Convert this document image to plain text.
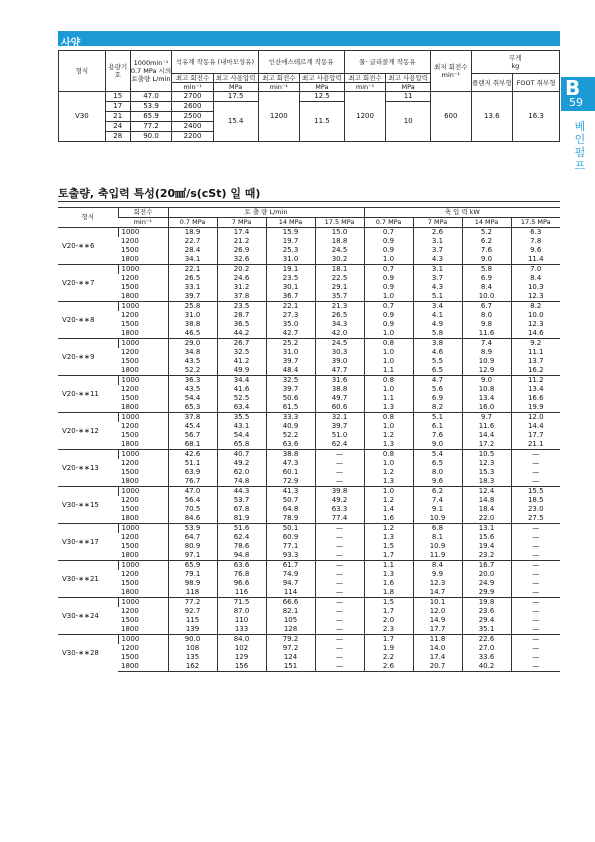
사양
B
59
베인펌프
형식	용량기호	1000min⁻¹ 0.7 MPa 시의 토출량 L/min	석유계 작동유 (내마모성유)		인산에스테르계 작동유		물· 글리콜계 작동유		최저 회전수 min⁻¹	무게
kg	
			최고 회전수	최고 사용압력	최고 회전수	최고 사용압력	최고 회전수	최고 사용압력		플랜지 취부형	FOOT 취부형
			min⁻¹	MPa	min⁻¹	MPa	min⁻¹	MPa			
V30	15	47.0	2700	17.5	1200	12.5	1200	11	600	13.6	16.3
	17	53.9	2600	15.4		11.5		10			
	21	65.9	2500								
	24	77.2	2400								
	28	90.0	2200								
토출량, 축입력 특성(20㎟/s(cSt) 일 때)
형식	회전수	토 출 량 L/min				축 입 력 kW			
	min⁻¹	0.7 MPa	7 MPa	14 MPa	17.5 MPa	0.7 MPa	7 MPa	14 MPa	17.5 MPa
V20-∗∗6	1000	18.9	17.4	15.9	15.0	0.7	2.6	5.2	6.3
	1200	22.7	21.2	19.7	18.8	0.9	3.1	6.2	7.8
	1500	28.4	26.9	25.3	24.5	0.9	3.7	7.6	9.6
	1800	34.1	32.6	31.0	30.2	1.0	4.3	9.0	11.4
V20-∗∗7	1000	22.1	20.2	19.1	18.1	0.7	3.1	5.8	7.0
	1200	26.5	24.6	23.5	22.5	0.9	3.7	6.9	8.4
	1500	33.1	31.2	30.1	29.1	0.9	4.3	8.4	10.3
	1800	39.7	37.8	36.7	35.7	1.0	5.1	10.0	12.3
V20-∗∗8	1000	25.8	23.5	22.1	21.3	0.7	3.4	6.7	8.2
	1200	31.0	28.7	27.3	26.5	0.9	4.1	8.0	10.0
	1500	38.8	36.5	35.0	34.3	0.9	4.9	9.8	12.3
	1800	46.5	44.2	42.7	42.0	1.0	5.8	11.6	14.6
V20-∗∗9	1000	29.0	26.7	25.2	24.5	0.8	3.8	7.4	9.2
	1200	34.8	32.5	31.0	30.3	1.0	4.6	8.9	11.1
	1500	43.5	41.2	39.7	39.0	1.0	5.5	10.9	13.7
	1800	52.2	49.9	48.4	47.7	1.1	6.5	12.9	16.2
V20-∗∗11	1000	36.3	34.4	32.5	31.6	0.8	4.7	9.0	11.2
	1200	43.5	41.6	39.7	38.8	1.0	5.6	10.8	13.4
	1500	54.4	52.5	50.6	49.7	1.1	6.9	13.4	16.6
	1800	65.3	63.4	61.5	60.6	1.3	8.2	16.0	19.9
V20-∗∗12	1000	37.8	35.5	33.3	32.1	0.8	5.1	9.7	12.0
	1200	45.4	43.1	40.9	39.7	1.0	6.1	11.6	14.4
	1500	56.7	54.4	52.2	51.0	1.2	7.6	14.4	17.7
	1800	68.1	65.8	63.6	62.4	1.3	9.0	17.2	21.1
V20-∗∗13	1000	42.6	40.7	38.8	—	0.8	5.4	10.5	—
	1200	51.1	49.2	47.3	—	1.0	6.5	12.3	—
	1500	63.9	62.0	60.1	—	1.2	8.0	15.3	—
	1800	76.7	74.8	72.9	—	1.3	9.6	18.3	—
V30-∗∗15	1000	47.0	44.3	41.3	39.8	1.0	6.2	12.4	15.5
	1200	56.4	53.7	50.7	49.2	1.2	7.4	14.8	18.5
	1500	70.5	67.8	64.8	63.3	1.4	9.1	18.4	23.0
	1800	84.6	81.9	78.9	77.4	1.6	10.9	22.0	27.5
V30-∗∗17	1000	53.9	51.6	50.1	—	1.2	6.8	13.1	—
	1200	64.7	62.4	60.9	—	1.3	8.1	15.6	—
	1500	80.9	78.6	77.1	—	1.5	10.9	19.4	—
	1800	97.1	94.8	93.3	—	1.7	11.9	23.2	—
V30-∗∗21	1000	65.9	63.6	61.7	—	1.1	8.4	16.7	—
	1200	79.1	76.8	74.9	—	1.3	9.9	20.0	—
	1500	98.9	96.6	94.7	—	1.6	12.3	24.9	—
	1800	118	116	114	—	1.8	14.7	29.9	—
V30-∗∗24	1000	77.2	71.5	66.6	—	1.5	10.1	19.8	—
	1200	92.7	87.0	82.1	—	1.7	12.0	23.6	—
	1500	115	110	105	—	2.0	14.9	29.4	—
	1800	139	133	128	—	2.3	17.7	35.1	—
V30-∗∗28	1000	90.0	84.0	79.2	—	1.7	11.8	22.6	—
	1200	108	102	97.2	—	1.9	14.0	27.0	—
	1500	135	129	124	—	2.2	17.4	33.6	—
	1800	162	156	151	—	2.6	20.7	40.2	—
